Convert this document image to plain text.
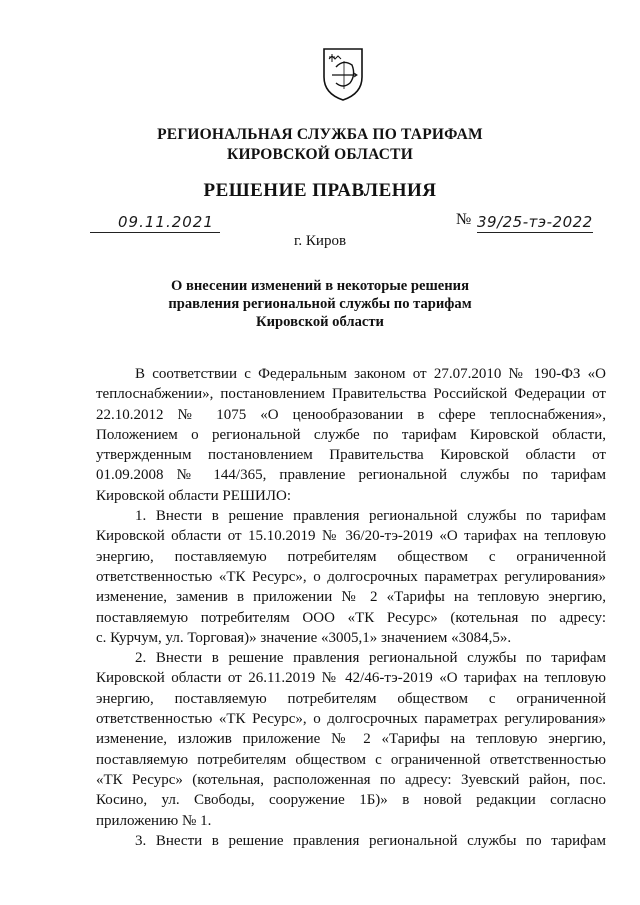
РЕГИОНАЛЬНАЯ СЛУЖБА ПО ТАРИФАМ
КИРОВСКОЙ ОБЛАСТИ
РЕШЕНИЕ ПРАВЛЕНИЯ
09.11.2021	№ 39/25-тэ-2022
г. Киров
О внесении изменений в некоторые решения
правления региональной службы по тарифам
Кировской области

В соответствии с Федеральным законом от 27.07.2010 № 190-ФЗ «О

теплоснабжении», постановлением Правительства Российской Федерации от

22.10.2012 № 1075 «О ценообразовании в сфере теплоснабжения»,

Положением о региональной службе по тарифам Кировской области,

утвержденным постановлением Правительства Кировской области от

01.09.2008 № 144/365, правление региональной службы по тарифам

Кировской области РЕШИЛО:

1. Внести в решение правления региональной службы по тарифам

Кировской области от 15.10.2019 № 36/20-тэ-2019 «О тарифах на тепловую

энергию, поставляемую потребителям обществом с ограниченной

ответственностью «ТК Ресурс», о долгосрочных параметрах регулирования»

изменение, заменив в приложении № 2 «Тарифы на тепловую энергию,

поставляемую потребителям ООО «ТК Ресурс» (котельная по адресу:

с. Курчум, ул. Торговая)» значение «3005,1» значением «3084,5».

2. Внести в решение правления региональной службы по тарифам

Кировской области от 26.11.2019 № 42/46-тэ-2019 «О тарифах на тепловую

энергию, поставляемую потребителям обществом с ограниченной

ответственностью «ТК Ресурс», о долгосрочных параметрах регулирования»

изменение, изложив приложение № 2 «Тарифы на тепловую энергию,

поставляемую потребителям обществом с ограниченной ответственностью

«ТК Ресурс» (котельная, расположенная по адресу: Зуевский район, пос.

Косино, ул. Свободы, сооружение 1Б)» в новой редакции согласно

приложению № 1.

3. Внести в решение правления региональной службы по тарифам
